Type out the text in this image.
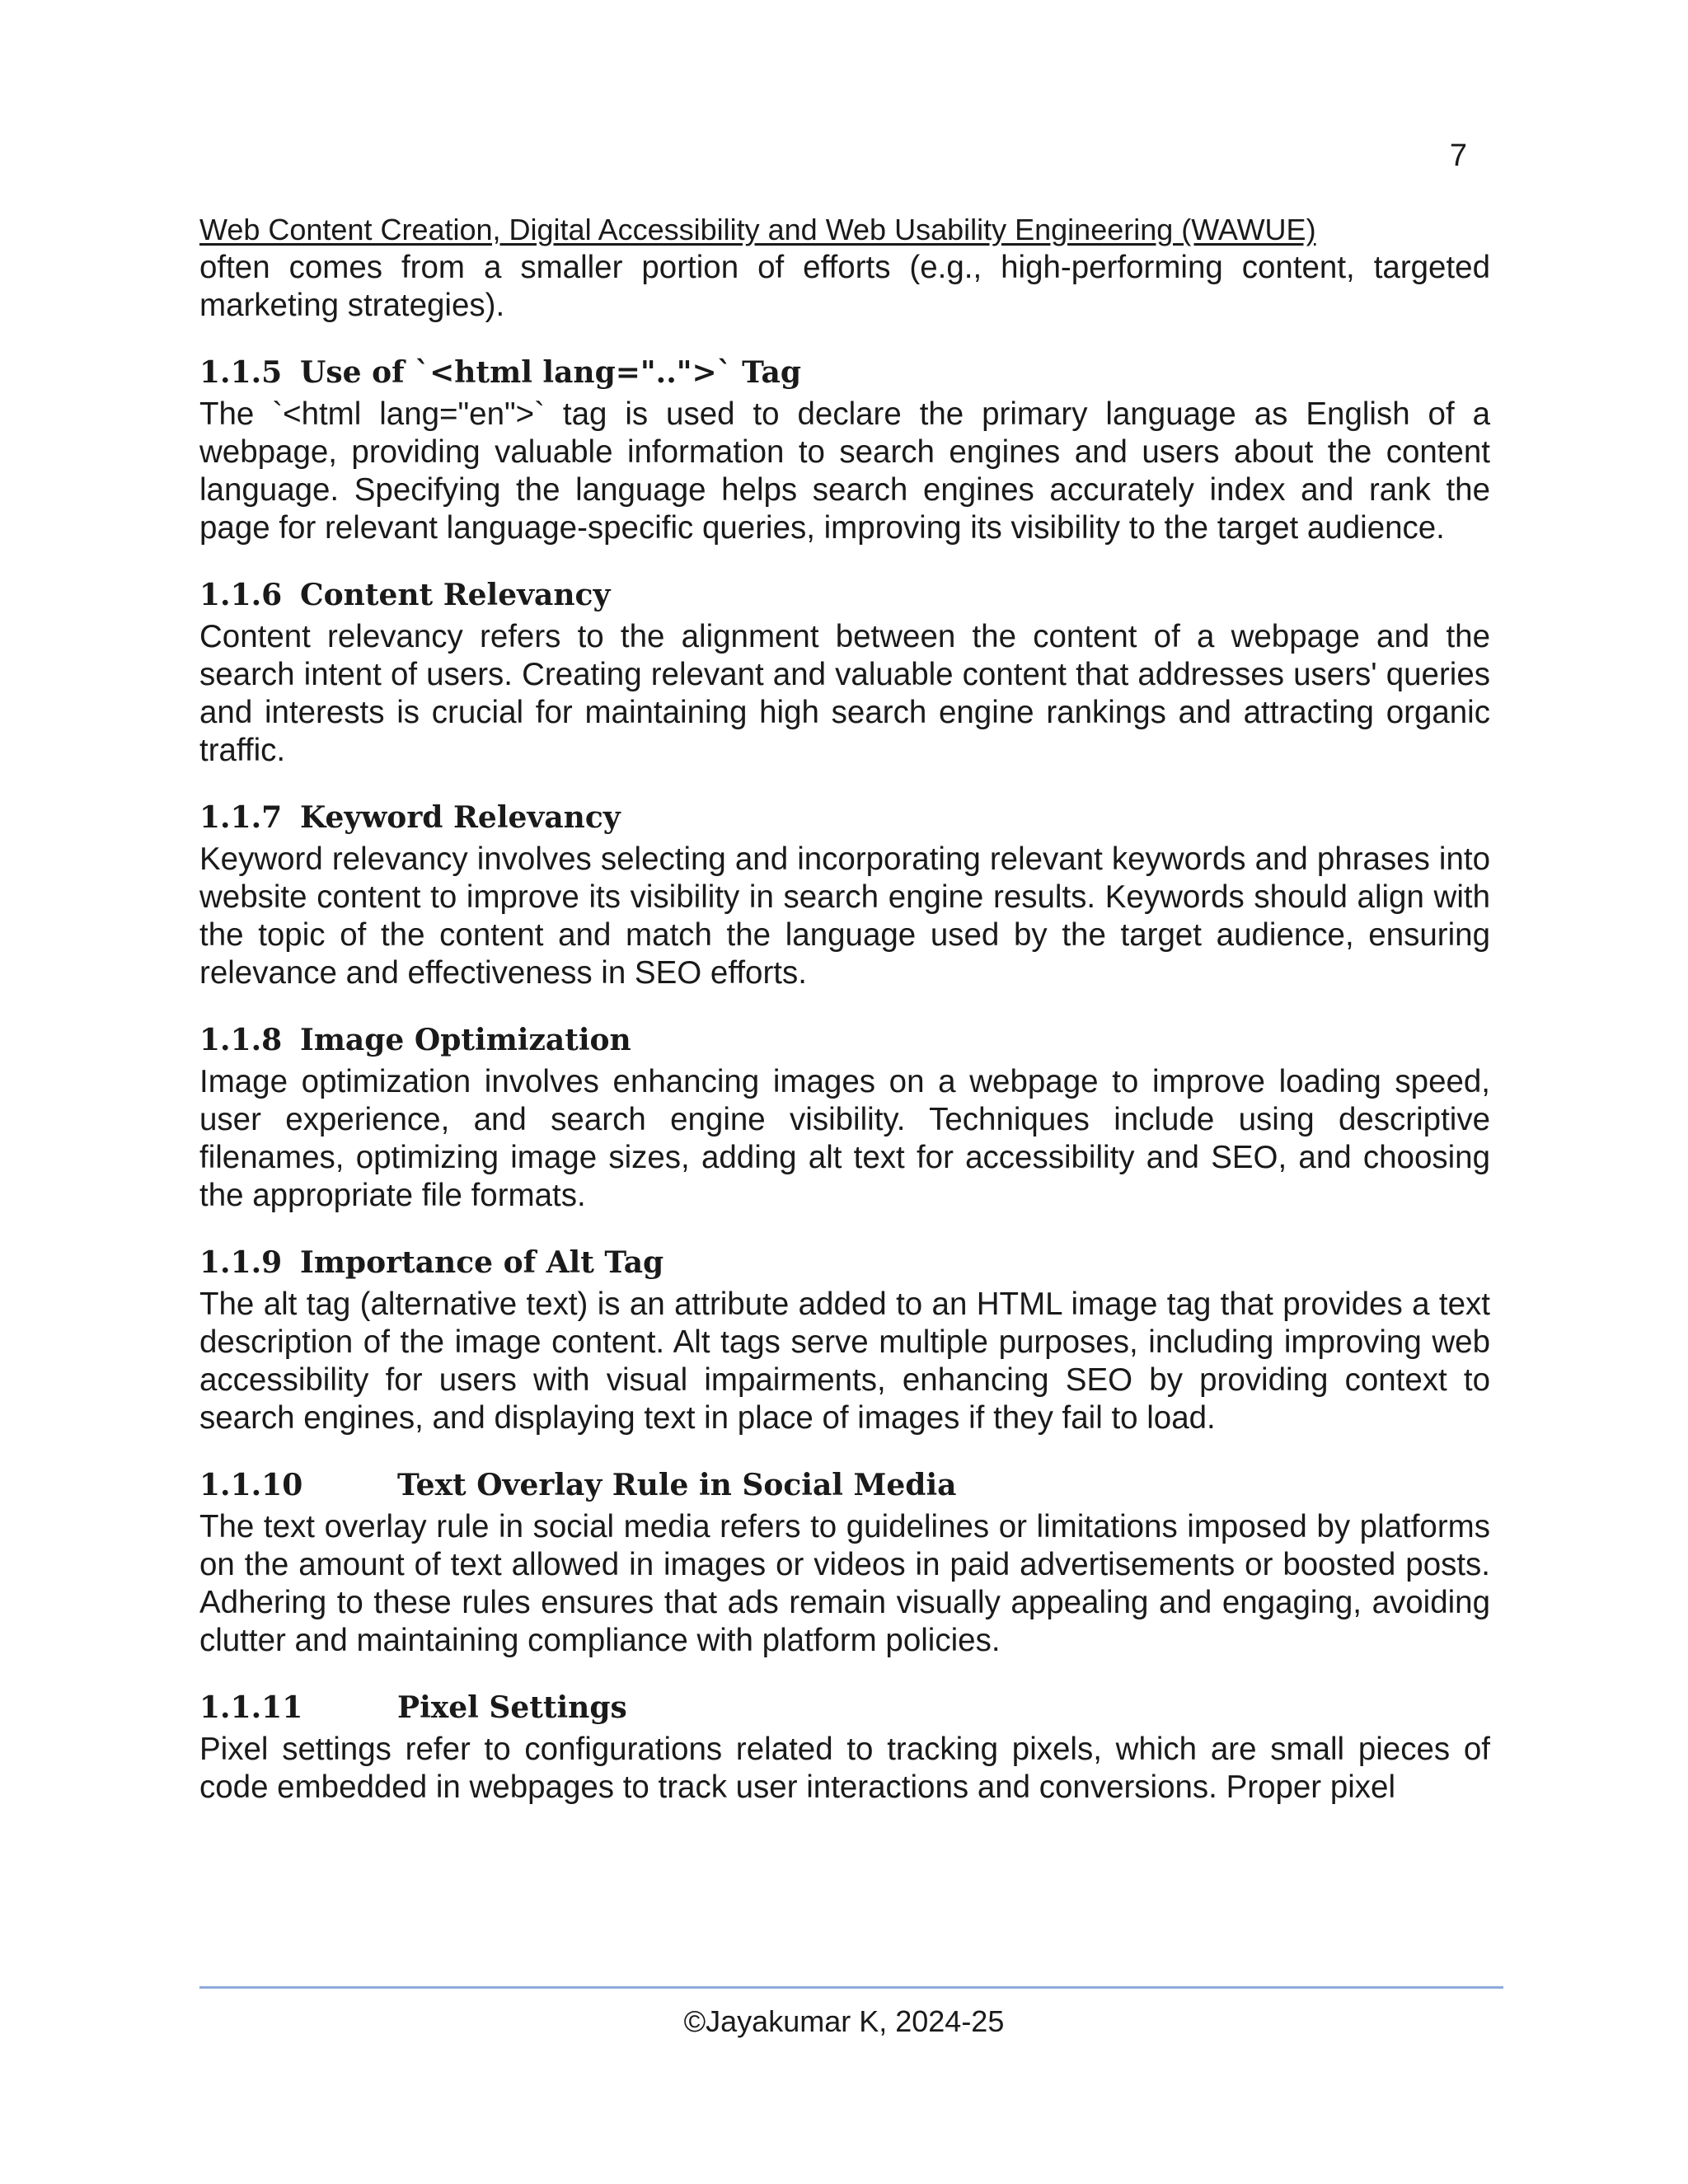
7

Web Content Creation, Digital Accessibility and Web Usability Engineering (WAWUE)

often comes from a smaller portion of efforts (e.g., high-performing content, targeted marketing strategies).

1.1.5 Use of `<html lang="..">` Tag

The `<html lang="en">` tag is used to declare the primary language as English of a webpage, providing valuable information to search engines and users about the content language. Specifying the language helps search engines accurately index and rank the page for relevant language-specific queries, improving its visibility to the target audience.

1.1.6 Content Relevancy

Content relevancy refers to the alignment between the content of a webpage and the search intent of users. Creating relevant and valuable content that addresses users' queries and interests is crucial for maintaining high search engine rankings and attracting organic traffic.

1.1.7 Keyword Relevancy

Keyword relevancy involves selecting and incorporating relevant keywords and phrases into website content to improve its visibility in search engine results. Keywords should align with the topic of the content and match the language used by the target audience, ensuring relevance and effectiveness in SEO efforts.

1.1.8 Image Optimization

Image optimization involves enhancing images on a webpage to improve loading speed, user experience, and search engine visibility. Techniques include using descriptive filenames, optimizing image sizes, adding alt text for accessibility and SEO, and choosing the appropriate file formats.

1.1.9 Importance of Alt Tag

The alt tag (alternative text) is an attribute added to an HTML image tag that provides a text description of the image content. Alt tags serve multiple purposes, including improving web accessibility for users with visual impairments, enhancing SEO by providing context to search engines, and displaying text in place of images if they fail to load.

1.1.10	Text Overlay Rule in Social Media

The text overlay rule in social media refers to guidelines or limitations imposed by platforms on the amount of text allowed in images or videos in paid advertisements or boosted posts. Adhering to these rules ensures that ads remain visually appealing and engaging, avoiding clutter and maintaining compliance with platform policies.

1.1.11	Pixel Settings

Pixel settings refer to configurations related to tracking pixels, which are small pieces of code embedded in webpages to track user interactions and conversions. Proper pixel

©Jayakumar K, 2024-25
